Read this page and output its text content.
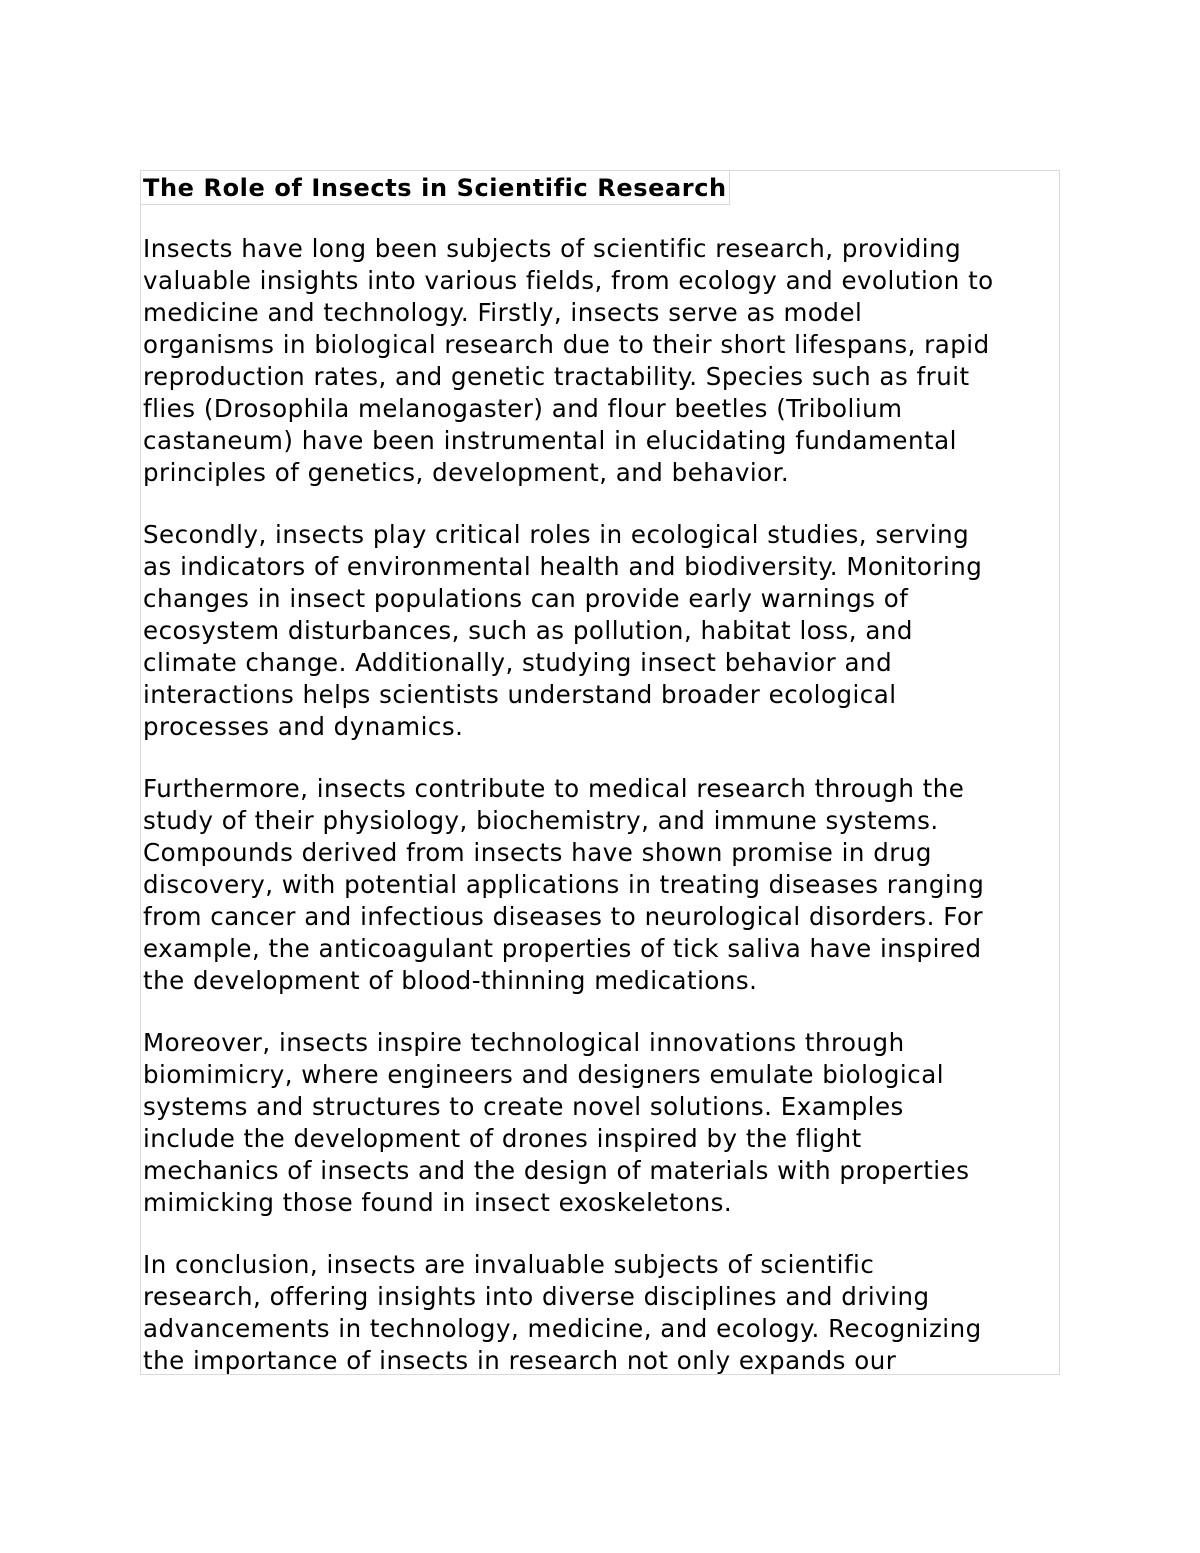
The Role of Insects in Scientific Research
Insects have long been subjects of scientific research, providing
valuable insights into various fields, from ecology and evolution to
medicine and technology. Firstly, insects serve as model
organisms in biological research due to their short lifespans, rapid
reproduction rates, and genetic tractability. Species such as fruit
flies (Drosophila melanogaster) and flour beetles (Tribolium
castaneum) have been instrumental in elucidating fundamental
principles of genetics, development, and behavior.
Secondly, insects play critical roles in ecological studies, serving
as indicators of environmental health and biodiversity. Monitoring
changes in insect populations can provide early warnings of
ecosystem disturbances, such as pollution, habitat loss, and
climate change. Additionally, studying insect behavior and
interactions helps scientists understand broader ecological
processes and dynamics.
Furthermore, insects contribute to medical research through the
study of their physiology, biochemistry, and immune systems.
Compounds derived from insects have shown promise in drug
discovery, with potential applications in treating diseases ranging
from cancer and infectious diseases to neurological disorders. For
example, the anticoagulant properties of tick saliva have inspired
the development of blood-thinning medications.
Moreover, insects inspire technological innovations through
biomimicry, where engineers and designers emulate biological
systems and structures to create novel solutions. Examples
include the development of drones inspired by the flight
mechanics of insects and the design of materials with properties
mimicking those found in insect exoskeletons.
In conclusion, insects are invaluable subjects of scientific
research, offering insights into diverse disciplines and driving
advancements in technology, medicine, and ecology. Recognizing
the importance of insects in research not only expands our
